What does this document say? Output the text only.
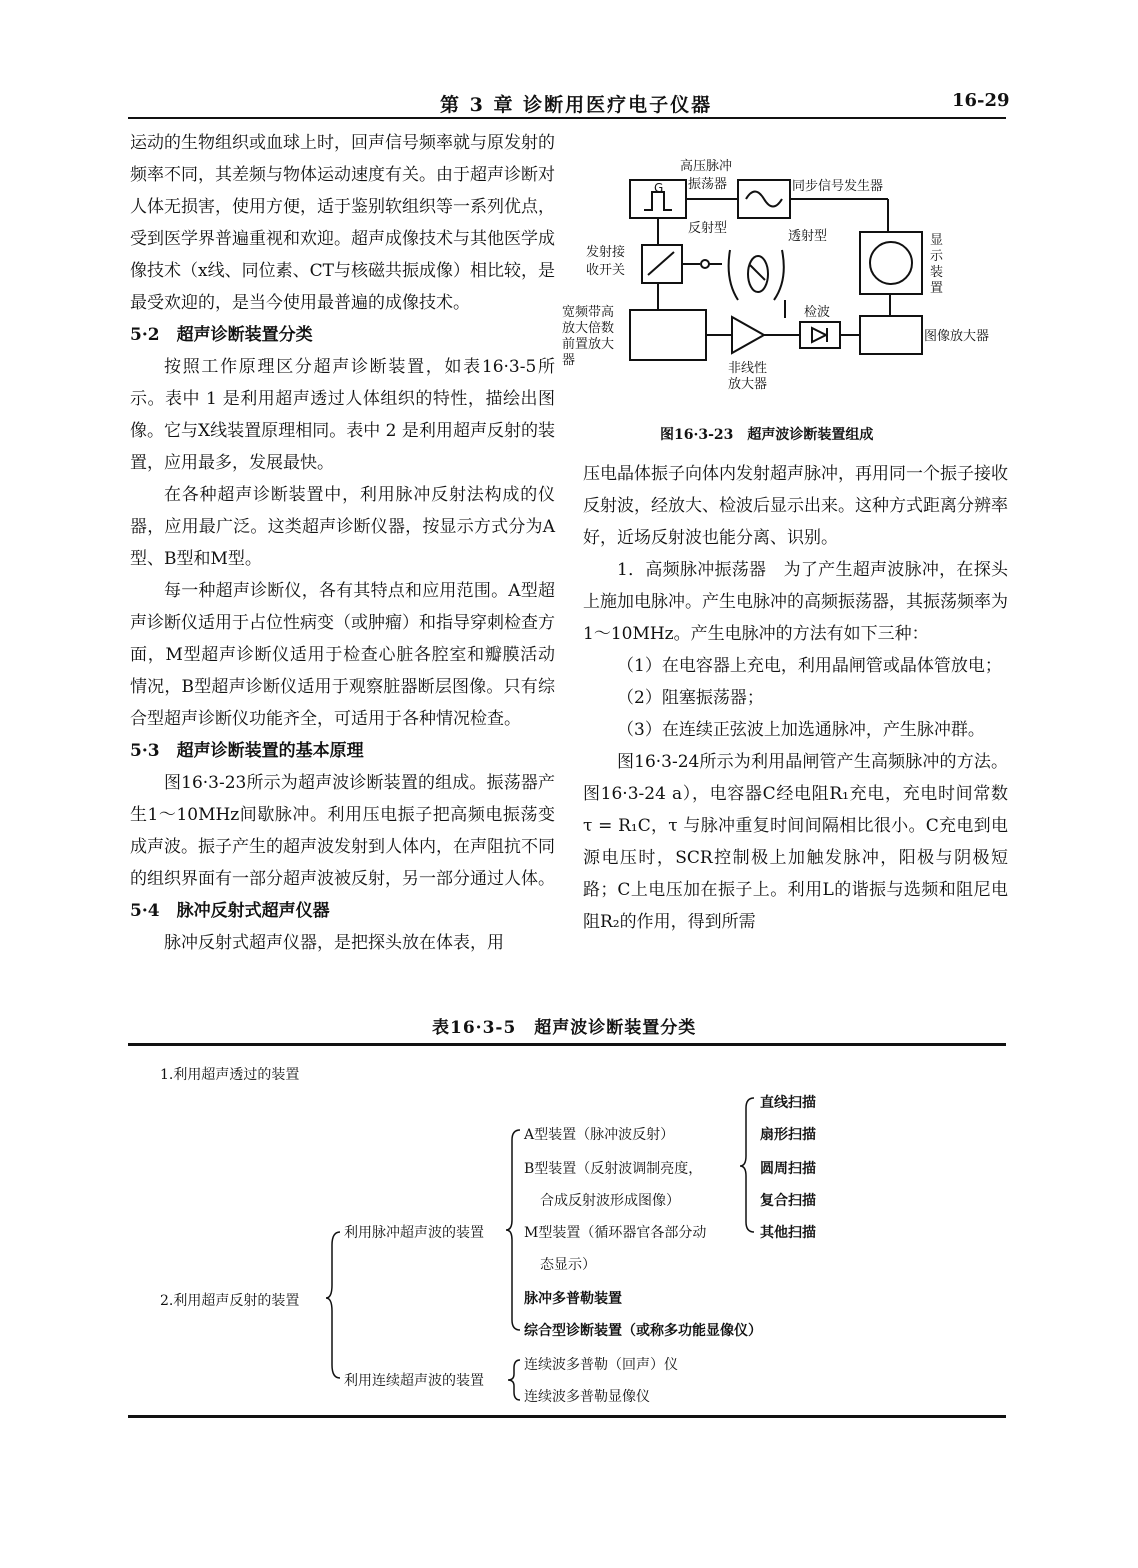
第 3 章 诊断用医疗电子仪器	16-29

运动的生物组织或血球上时，回声信号频率就与原发射的频率不同，其差频与物体运动速度有关。由于超声诊断对人体无损害，使用方便，适于鉴别软组织等一系列优点，受到医学界普遍重视和欢迎。超声成像技术与其他医学成像技术（x线、同位素、CT与核磁共振成像）相比较，是最受欢迎的，是当今使用最普遍的成像技术。

5·2　超声诊断装置分类

按照工作原理区分超声诊断装置，如表16·3-5所示。表中 1 是利用超声透过人体组织的特性，描绘出图像。它与X线装置原理相同。表中 2 是利用超声反射的装置，应用最多，发展最快。

在各种超声诊断装置中，利用脉冲反射法构成的仪器，应用最广泛。这类超声诊断仪器，按显示方式分为A型、B型和M型。

每一种超声诊断仪，各有其特点和应用范围。A型超声诊断仪适用于占位性病变（或肿瘤）和指导穿刺检查方面，M型超声诊断仪适用于检查心脏各腔室和瓣膜活动情况，B型超声诊断仪适用于观察脏器断层图像。只有综合型超声诊断仪功能齐全，可适用于各种情况检查。

5·3　超声诊断装置的基本原理

图16·3-23所示为超声波诊断装置的组成。振荡器产生1～10MHz间歇脉冲。利用压电振子把高频电振荡变成声波。振子产生的超声波发射到人体内，在声阻抗不同的组织界面有一部分超声波被反射，另一部分通过人体。

5·4　脉冲反射式超声仪器

脉冲反射式超声仪器，是把探头放在体表，用

高压脉冲
振荡器
G	同步信号发生器
反射型
透射型
发射接
收开关
显
示
装
置
宽频带高
放大倍数
前置放大
器
检波
图像放大器
非线性
放大器
图16·3-23　超声波诊断装置组成

压电晶体振子向体内发射超声脉冲，再用同一个振子接收反射波，经放大、检波后显示出来。这种方式距离分辨率好，近场反射波也能分离、识别。

1．高频脉冲振荡器　为了产生超声波脉冲，在探头上施加电脉冲。产生电脉冲的高频振荡器，其振荡频率为 1～10MHz。产生电脉冲的方法有如下三种：

（1）在电容器上充电，利用晶闸管或晶体管放电；

（2）阻塞振荡器；

（3）在连续正弦波上加选通脉冲，产生脉冲群。

图16·3-24所示为利用晶闸管产生高频脉冲的方法。图16·3-24 a），电容器C经电阻R₁充电，充电时间常数 τ = R₁C，τ 与脉冲重复时间间隔相比很小。C充电到电源电压时，SCR控制极上加触发脉冲，阳极与阴极短路；C上电压加在振子上。利用L的谐振与选频和阻尼电阻R₂的作用，得到所需

表16·3-5　超声波诊断装置分类
1.利用超声透过的装置
2.利用超声反射的装置
利用脉冲超声波的装置
利用连续超声波的装置
A型装置（脉冲波反射）
B型装置（反射波调制亮度，
合成反射波形成图像）
M型装置（循环器官各部分动
态显示）
脉冲多普勒装置
综合型诊断装置（或称多功能显像仪）
直线扫描
扇形扫描
圆周扫描
复合扫描
其他扫描
连续波多普勒（回声）仪
连续波多普勒显像仪
